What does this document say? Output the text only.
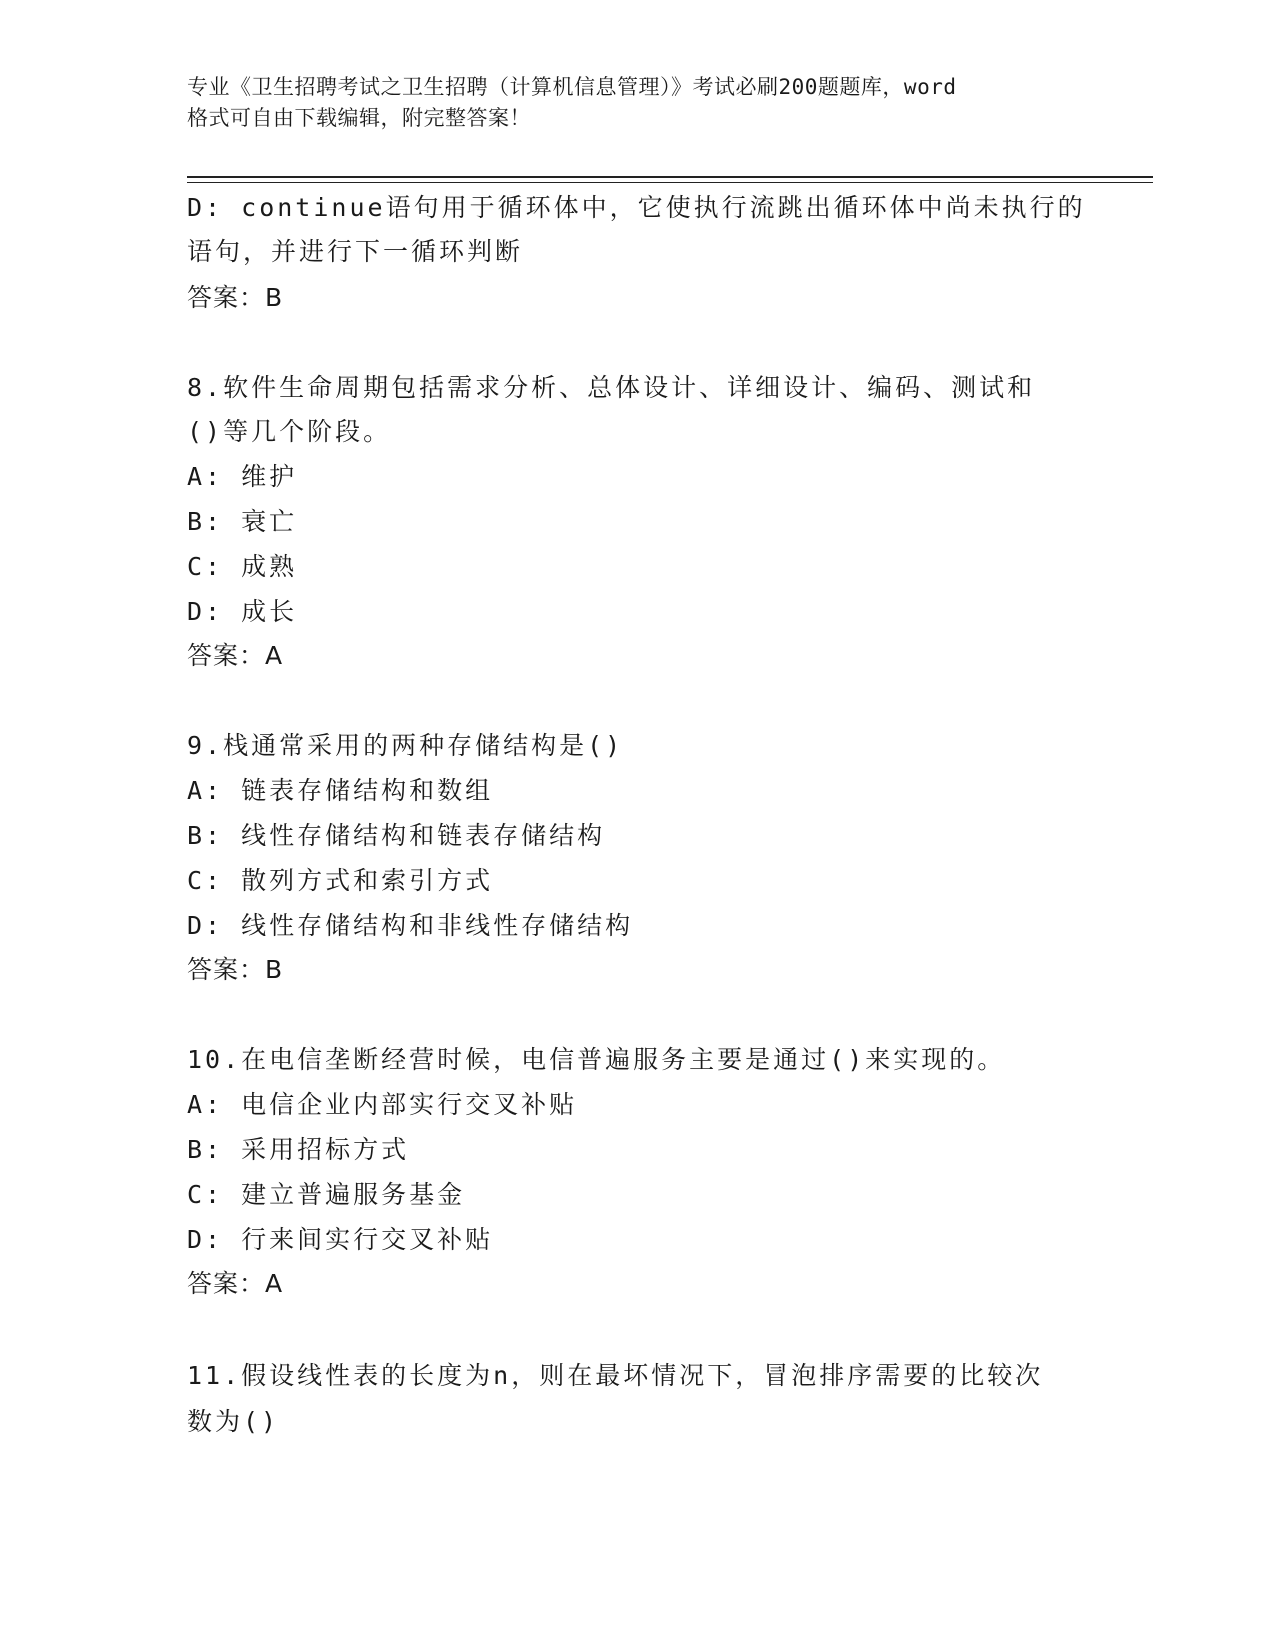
专业《卫生招聘考试之卫生招聘（计算机信息管理）》考试必刷200题题库，word
格式可自由下载编辑，附完整答案！
D: continue语句用于循环体中，它使执行流跳出循环体中尚未执行的
语句，并进行下一循环判断
答案：B
8.软件生命周期包括需求分析、总体设计、详细设计、编码、测试和
()等几个阶段。
A: 维护
B: 衰亡
C: 成熟
D: 成长
答案：A
9.栈通常采用的两种存储结构是()
A: 链表存储结构和数组
B: 线性存储结构和链表存储结构
C: 散列方式和索引方式
D: 线性存储结构和非线性存储结构
答案：B
10.在电信垄断经营时候，电信普遍服务主要是通过()来实现的。
A: 电信企业内部实行交叉补贴
B: 采用招标方式
C: 建立普遍服务基金
D: 行来间实行交叉补贴
答案：A
11.假设线性表的长度为n，则在最坏情况下，冒泡排序需要的比较次
数为()
